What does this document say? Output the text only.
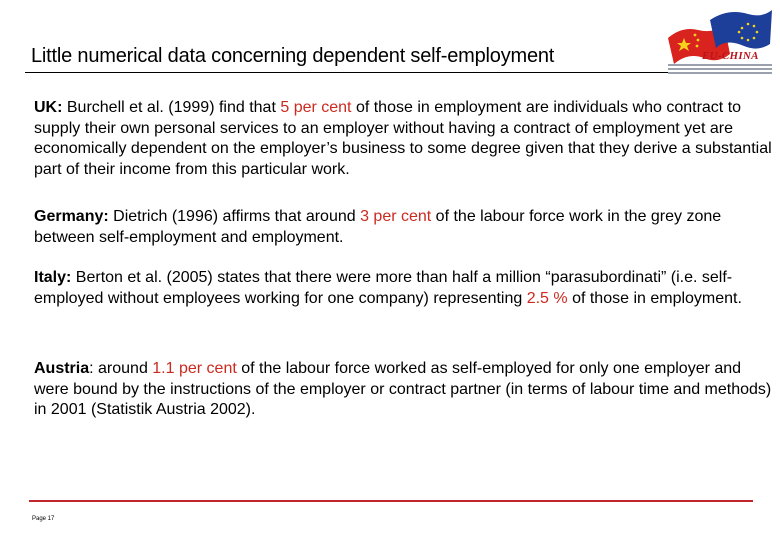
EU-CHINA
Little numerical data concerning dependent self-employment
UK: Burchell et al. (1999) find that 5 per cent of those in employment are individuals who contract to supply their own personal services to an employer without having a contract of employment yet are economically dependent on the employer’s business to some degree given that they derive a substantial part of their income from this particular work.
Germany: Dietrich (1996) affirms that around 3 per cent of the labour force work in the grey zone between self-employment and employment.
Italy: Berton et al. (2005) states that there were more than half a million “parasubordinati” (i.e. self-employed without employees working for one company) representing 2.5 % of those in employment.
Austria: around 1.1 per cent of the labour force worked as self-employed for only one employer and were bound by the instructions of the employer or contract partner (in terms of labour time and methods) in 2001 (Statistik Austria 2002).
Page 17
